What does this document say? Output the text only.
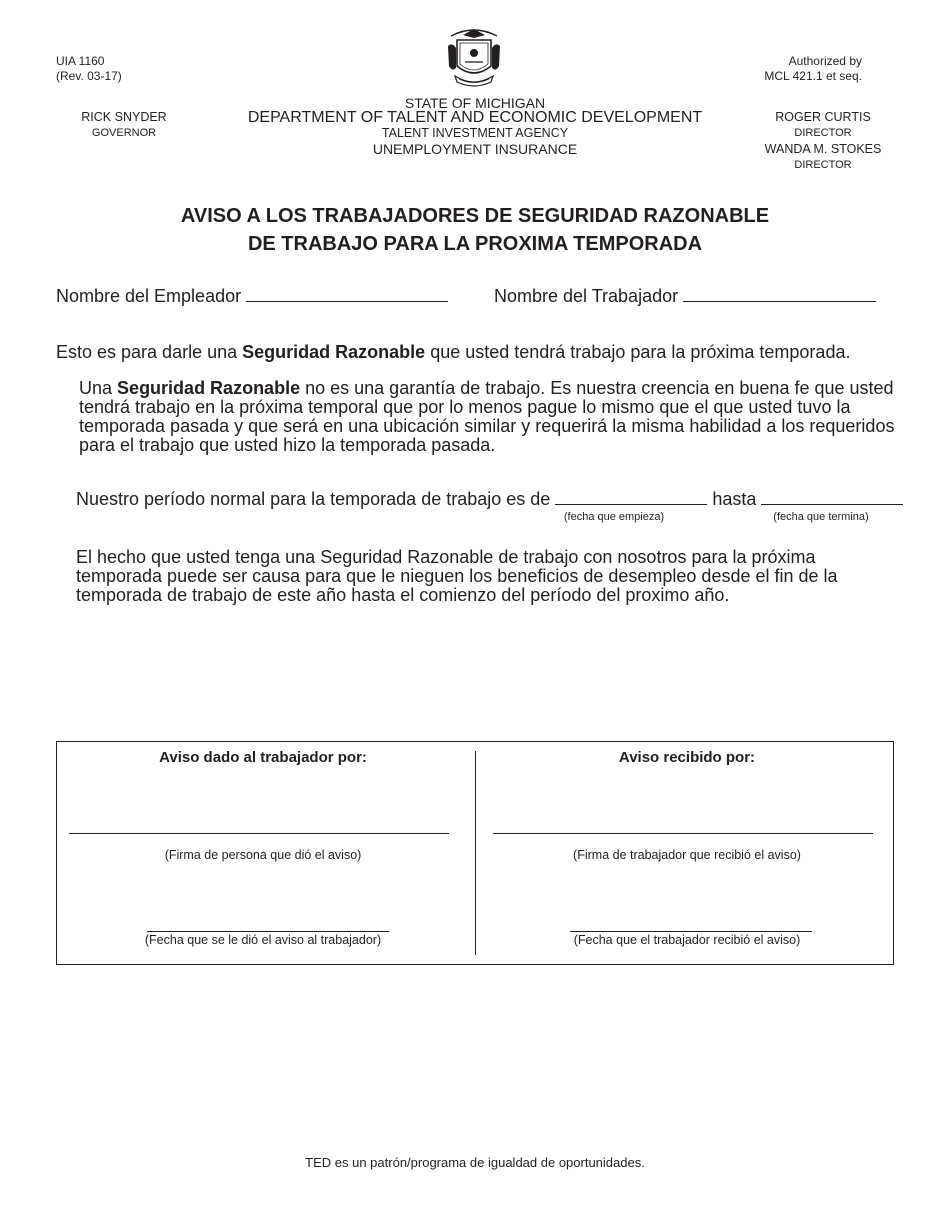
UIA 1160
(Rev. 03-17)
Authorized by
MCL 421.1 et seq.
RICK SNYDER
GOVERNOR
STATE OF MICHIGAN
DEPARTMENT OF TALENT AND ECONOMIC DEVELOPMENT
TALENT INVESTMENT AGENCY
UNEMPLOYMENT INSURANCE
ROGER CURTIS
DIRECTOR
WANDA M. STOKES
DIRECTOR
AVISO A LOS TRABAJADORES DE SEGURIDAD RAZONABLE
DE TRABAJO PARA LA PROXIMA TEMPORADA
Nombre del Empleador	Nombre del Trabajador
Esto es para darle una Seguridad Razonable que usted tendrá trabajo para la próxima temporada.
Una Seguridad Razonable no es una garantía de trabajo. Es nuestra creencia en buena fe que usted tendrá trabajo en la próxima temporal que por lo menos pague lo mismo que el que usted tuvo la temporada pasada y que será en una ubicación similar y requerirá la misma habilidad a los requeridos para el trabajo que usted hizo la temporada pasada.
Nuestro período normal para la temporada de trabajo es de	hasta
(fecha que empieza)	(fecha que termina)
El hecho que usted tenga una Seguridad Razonable de trabajo con nosotros para la próxima temporada puede ser causa para que le nieguen los beneficios de desempleo desde el fin de la temporada de trabajo de este año hasta el comienzo del período del proximo año.
Aviso dado al trabajador por:
(Firma de persona que dió el aviso)
(Fecha que se le dió el aviso al trabajador)
Aviso recibido por:
(Firma de trabajador que recibió el aviso)
(Fecha que el trabajador recibió el aviso)
TED es un patrón/programa de igualdad de oportunidades.
